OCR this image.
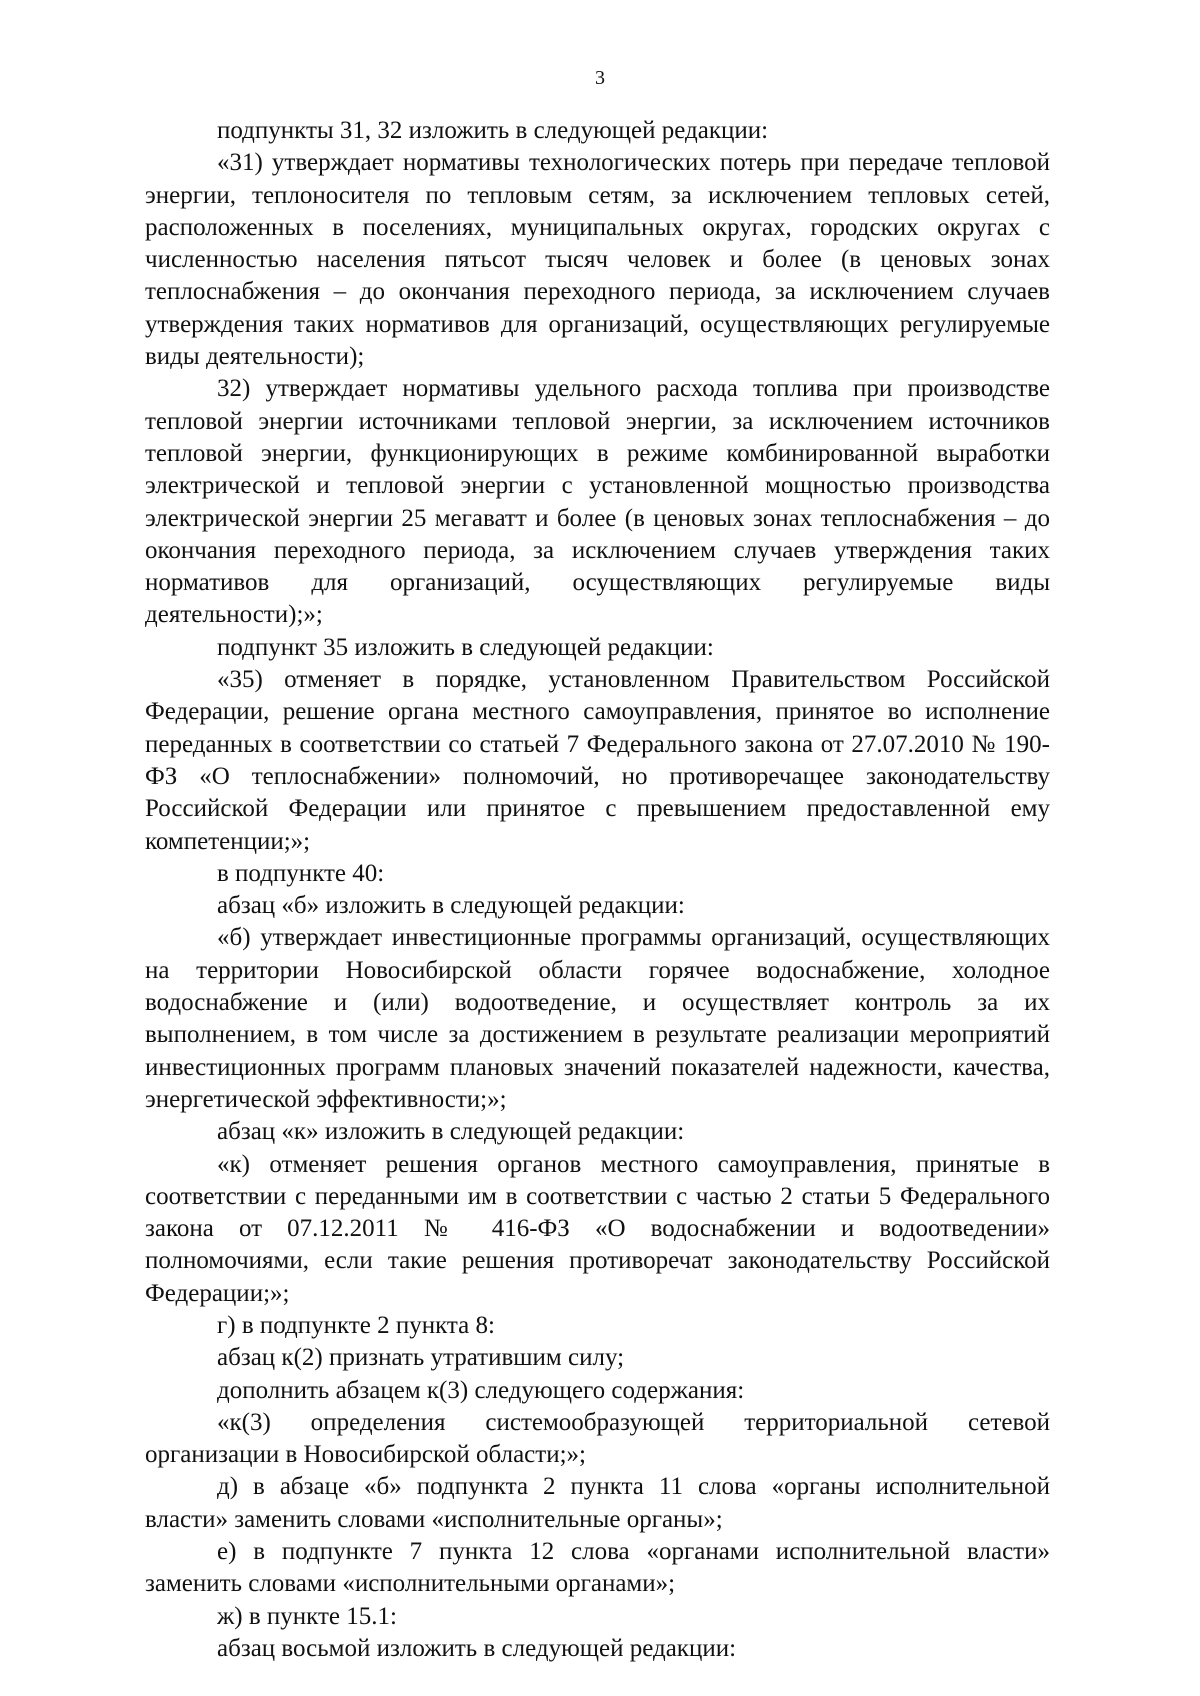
3

подпункты 31, 32 изложить в следующей редакции:

«31) утверждает нормативы технологических потерь при передаче тепловой энергии, теплоносителя по тепловым сетям, за исключением тепловых сетей, расположенных в поселениях, муниципальных округах, городских округах с численностью населения пятьсот тысяч человек и более (в ценовых зонах теплоснабжения – до окончания переходного периода, за исключением случаев утверждения таких нормативов для организаций, осуществляющих регулируемые виды деятельности);

32) утверждает нормативы удельного расхода топлива при производстве тепловой энергии источниками тепловой энергии, за исключением источников тепловой энергии, функционирующих в режиме комбинированной выработки электрической и тепловой энергии с установленной мощностью производства электрической энергии 25 мегаватт и более (в ценовых зонах теплоснабжения – до окончания переходного периода, за исключением случаев утверждения таких нормативов для организаций, осуществляющих регулируемые виды деятельности);»;

подпункт 35 изложить в следующей редакции:

«35) отменяет в порядке, установленном Правительством Российской Федерации, решение органа местного самоуправления, принятое во исполнение переданных в соответствии со статьей 7 Федерального закона от 27.07.2010 № 190-ФЗ «О теплоснабжении» полномочий, но противоречащее законодательству Российской Федерации или принятое с превышением предоставленной ему компетенции;»;

в подпункте 40:

абзац «б» изложить в следующей редакции:

«б) утверждает инвестиционные программы организаций, осуществляющих на территории Новосибирской области горячее водоснабжение, холодное водоснабжение и (или) водоотведение, и осуществляет контроль за их выполнением, в том числе за достижением в результате реализации мероприятий инвестиционных программ плановых значений показателей надежности, качества, энергетической эффективности;»;

абзац «к» изложить в следующей редакции:

«к) отменяет решения органов местного самоуправления, принятые в соответствии с переданными им в соответствии с частью 2 статьи 5 Федерального закона от 07.12.2011 № 416-ФЗ «О водоснабжении и водоотведении» полномочиями, если такие решения противоречат законодательству Российской Федерации;»;

г) в подпункте 2 пункта 8:

абзац к(2) признать утратившим силу;

дополнить абзацем к(3) следующего содержания:

«к(3) определения системообразующей территориальной сетевой организации в Новосибирской области;»;

д) в абзаце «б» подпункта 2 пункта 11 слова «органы исполнительной власти» заменить словами «исполнительные органы»;

е) в подпункте 7 пункта 12 слова «органами исполнительной власти» заменить словами «исполнительными органами»;

ж) в пункте 15.1:

абзац восьмой изложить в следующей редакции:
